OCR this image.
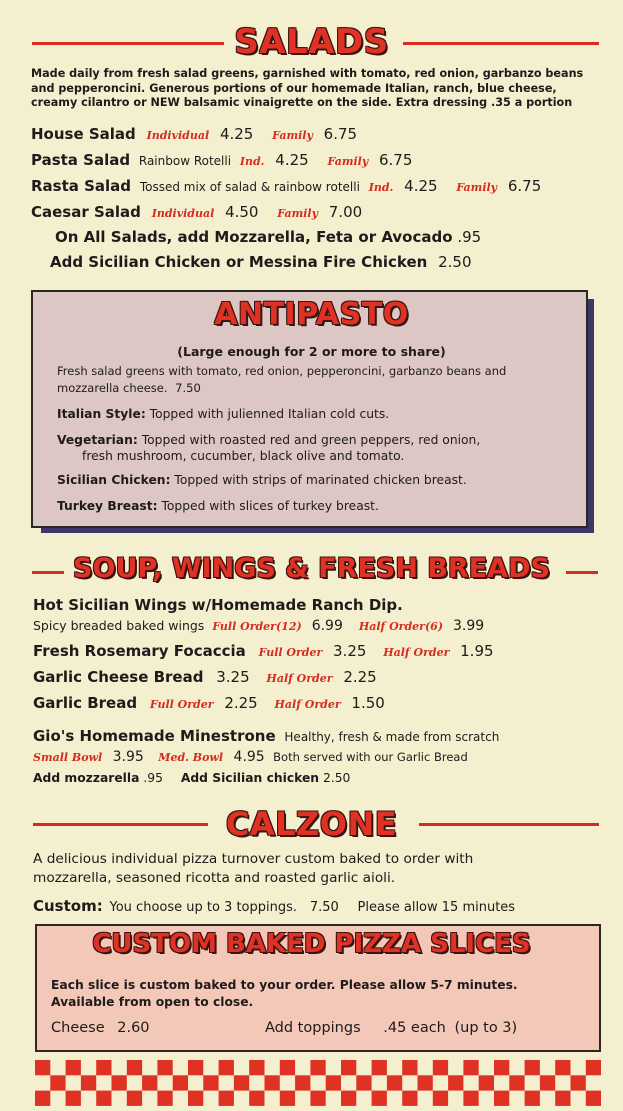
SALADS
Made daily from fresh salad greens, garnished with tomato, red onion, garbanzo beans and pepperoncini. Generous portions of our homemade Italian, ranch, blue cheese, creamy cilantro or NEW balsamic vinaigrette on the side. Extra dressing .35 a portion
House Salad Individual 4.25 Family 6.75
Pasta Salad Rainbow Rotelli Ind. 4.25 Family 6.75
Rasta Salad Tossed mix of salad & rainbow rotelli Ind. 4.25 Family 6.75
Caesar Salad Individual 4.50 Family 7.00
On All Salads, add Mozzarella, Feta or Avocado .95
Add Sicilian Chicken or Messina Fire Chicken 2.50
ANTIPASTO
(Large enough for 2 or more to share)
Fresh salad greens with tomato, red onion, pepperoncini, garbanzo beans and
mozzarella cheese. 7.50
Italian Style: Topped with julienned Italian cold cuts.
Vegetarian: Topped with roasted red and green peppers, red onion,
fresh mushroom, cucumber, black olive and tomato.
Sicilian Chicken: Topped with strips of marinated chicken breast.
Turkey Breast: Topped with slices of turkey breast.
SOUP, WINGS & FRESH BREADS
Hot Sicilian Wings w/Homemade Ranch Dip.
Spicy breaded baked wings Full Order(12) 6.99 Half Order(6) 3.99
Fresh Rosemary Focaccia Full Order 3.25 Half Order 1.95
Garlic Cheese Bread 3.25 Half Order 2.25
Garlic Bread Full Order 2.25 Half Order 1.50
Gio's Homemade Minestrone Healthy, fresh & made from scratch
Small Bowl 3.95 Med. Bowl 4.95 Both served with our Garlic Bread
Add mozzarella .95 Add Sicilian chicken 2.50
CALZONE
A delicious individual pizza turnover custom baked to order with
mozzarella, seasoned ricotta and roasted garlic aioli.
Custom: You choose up to 3 toppings. 7.50 Please allow 15 minutes
CUSTOM BAKED PIZZA SLICES
Each slice is custom baked to your order. Please allow 5-7 minutes.
Available from open to close.
Cheese 2.60	Add toppings .45 each (up to 3)
